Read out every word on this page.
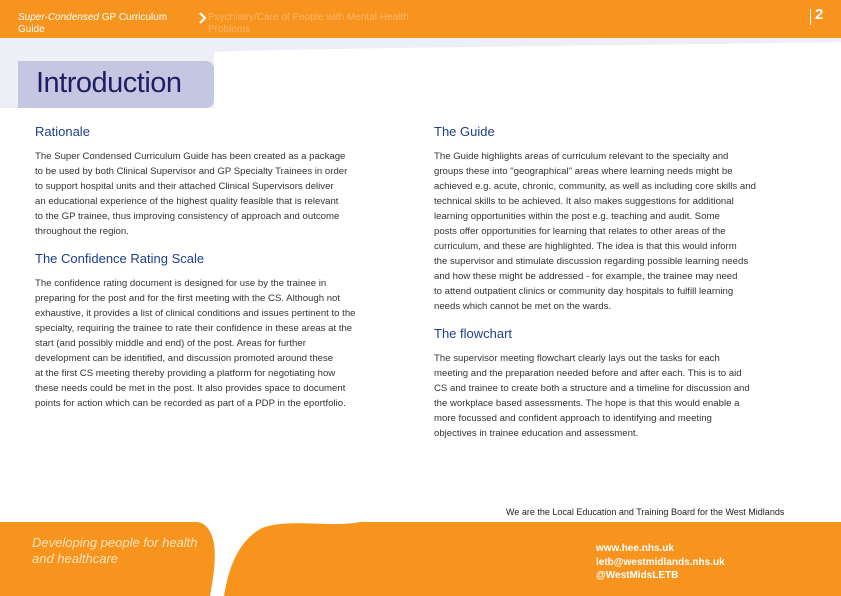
Super-Condensed GP Curriculum Guide
Psychiatry/Care of People with Mental Health Problems
2
Introduction
Rationale
The Super Condensed Curriculum Guide has been created as a package
to be used by both Clinical Supervisor and GP Specialty Trainees in order
to support hospital units and their attached Clinical Supervisors deliver
an educational experience of the highest quality feasible that is relevant
to the GP trainee, thus improving consistency of approach and outcome
throughout the region.
The Confidence Rating Scale
The confidence rating document is designed for use by the trainee in
preparing for the post and for the first meeting with the CS. Although not
exhaustive, it provides a list of clinical conditions and issues pertinent to the
specialty, requiring the trainee to rate their confidence in these areas at the
start (and possibly middle and end) of the post. Areas for further
development can be identified, and discussion promoted around these
at the first CS meeting thereby providing a platform for negotiating how
these needs could be met in the post. It also provides space to document
points for action which can be recorded as part of a PDP in the eportfolio.
The Guide
The Guide highlights areas of curriculum relevant to the specialty and
groups these into "geographical" areas where learning needs might be
achieved e.g. acute, chronic, community, as well as including core skills and
technical skills to be achieved. It also makes suggestions for additional
learning opportunities within the post e.g. teaching and audit. Some
posts offer opportunities for learning that relates to other areas of the
curriculum, and these are highlighted. The idea is that this would inform
the supervisor and stimulate discussion regarding possible learning needs
and how these might be addressed - for example, the trainee may need
to attend outpatient clinics or community day hospitals to fulfill learning
needs which cannot be met on the wards.
The flowchart
The supervisor meeting flowchart clearly lays out the tasks for each
meeting and the preparation needed before and after each. This is to aid
CS and trainee to create both a structure and a timeline for discussion and
the workplace based assessments. The hope is that this would enable a
more focussed and confident approach to identifying and meeting
objectives in trainee education and assessment.
We are the Local Education and Training Board for the West Midlands
Developing people for health and healthcare
www.hee.nhs.uk
letb@westmidlands.nhs.uk
@WestMidsLETB
